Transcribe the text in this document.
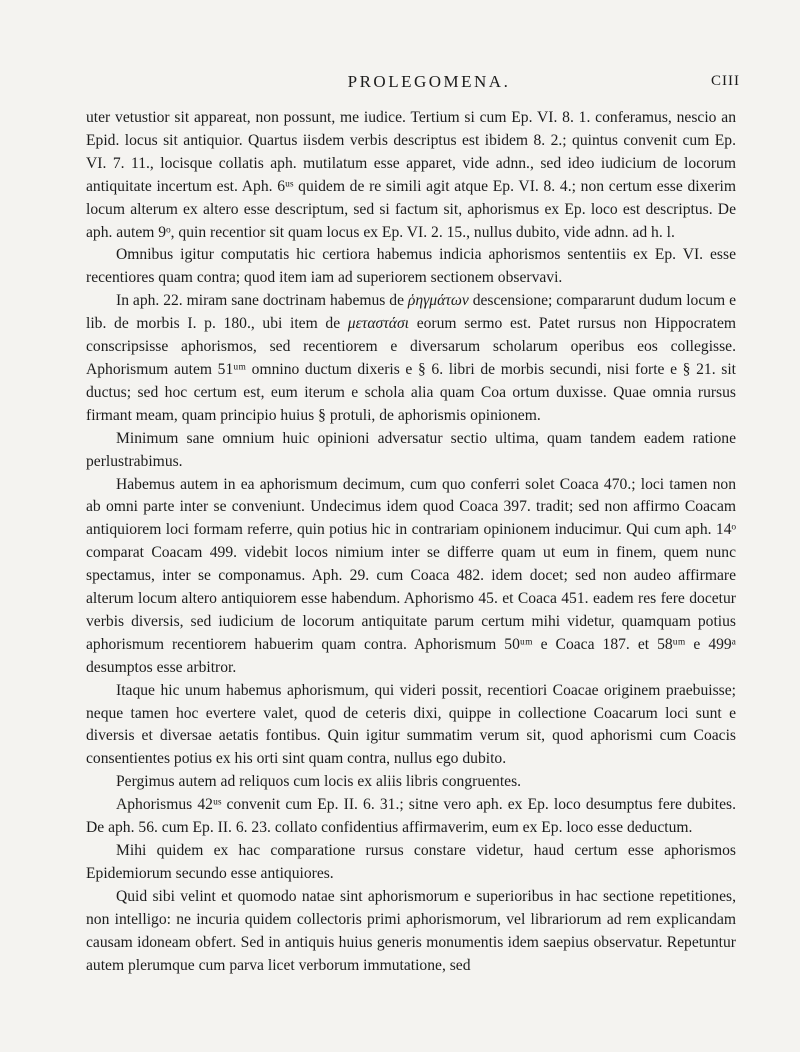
PROLEGOMENA.	CIII

uter vetustior sit appareat, non possunt, me iudice. Tertium si cum Ep. VI. 8. 1. conferamus, nescio an Epid. locus sit antiquior. Quartus iisdem verbis descriptus est ibidem 8. 2.; quintus convenit cum Ep. VI. 7. 11., locisque collatis aph. mutilatum esse apparet, vide adnn., sed ideo iudicium de locorum antiquitate incertum est. Aph. 6ᵘˢ quidem de re simili agit atque Ep. VI. 8. 4.; non certum esse dixerim locum alterum ex altero esse descriptum, sed si factum sit, aphorismus ex Ep. loco est descriptus. De aph. autem 9ᵒ, quin recentior sit quam locus ex Ep. VI. 2. 15., nullus dubito, vide adnn. ad h. l.

Omnibus igitur computatis hic certiora habemus indicia aphorismos sententiis ex Ep. VI. esse recentiores quam contra; quod item iam ad superiorem sectionem observavi.

In aph. 22. miram sane doctrinam habemus de ῥηγμάτων descensione; compararunt dudum locum e lib. de morbis I. p. 180., ubi item de μεταστάσι eorum sermo est. Patet rursus non Hippocratem conscripsisse aphorismos, sed recentiorem e diversarum scholarum operibus eos collegisse. Aphorismum autem 51ᵘᵐ omnino ductum dixeris e § 6. libri de morbis secundi, nisi forte e § 21. sit ductus; sed hoc certum est, eum iterum e schola alia quam Coa ortum duxisse. Quae omnia rursus firmant meam, quam principio huius § protuli, de aphorismis opinionem.

Minimum sane omnium huic opinioni adversatur sectio ultima, quam tandem eadem ratione perlustrabimus.

Habemus autem in ea aphorismum decimum, cum quo conferri solet Coaca 470.; loci tamen non ab omni parte inter se conveniunt. Undecimus idem quod Coaca 397. tradit; sed non affirmo Coacam antiquiorem loci formam referre, quin potius hic in contrariam opinionem inducimur. Qui cum aph. 14ᵒ comparat Coacam 499. videbit locos nimium inter se differre quam ut eum in finem, quem nunc spectamus, inter se componamus. Aph. 29. cum Coaca 482. idem docet; sed non audeo affirmare alterum locum altero antiquiorem esse habendum. Aphorismo 45. et Coaca 451. eadem res fere docetur verbis diversis, sed iudicium de locorum antiquitate parum certum mihi videtur, quamquam potius aphorismum recentiorem habuerim quam contra. Aphorismum 50ᵘᵐ e Coaca 187. et 58ᵘᵐ e 499ᵃ desumptos esse arbitror.

Itaque hic unum habemus aphorismum, qui videri possit, recentiori Coacae originem praebuisse; neque tamen hoc evertere valet, quod de ceteris dixi, quippe in collectione Coacarum loci sunt e diversis et diversae aetatis fontibus. Quin igitur summatim verum sit, quod aphorismi cum Coacis consentientes potius ex his orti sint quam contra, nullus ego dubito.

Pergimus autem ad reliquos cum locis ex aliis libris congruentes.

Aphorismus 42ᵘˢ convenit cum Ep. II. 6. 31.; sitne vero aph. ex Ep. loco desumptus fere dubites. De aph. 56. cum Ep. II. 6. 23. collato confidentius affirmaverim, eum ex Ep. loco esse deductum.

Mihi quidem ex hac comparatione rursus constare videtur, haud certum esse aphorismos Epidemiorum secundo esse antiquiores.

Quid sibi velint et quomodo natae sint aphorismorum e superioribus in hac sectione repetitiones, non intelligo: ne incuria quidem collectoris primi aphorismorum, vel librariorum ad rem explicandam causam idoneam obfert. Sed in antiquis huius generis monumentis idem saepius observatur. Repetuntur autem plerumque cum parva licet verborum immutatione, sed
